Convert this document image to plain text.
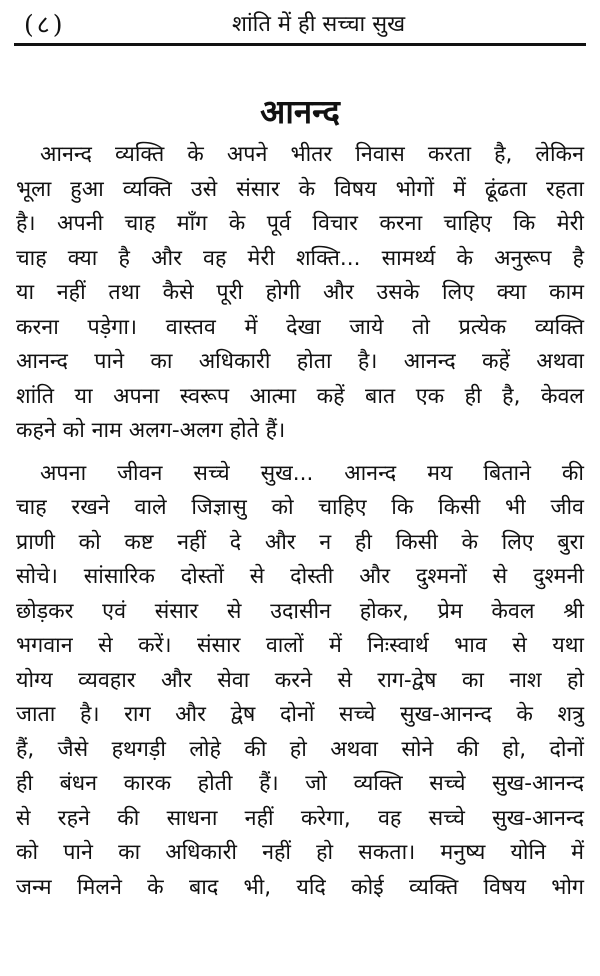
(८)	शांति में ही सच्चा सुख
आनन्द
आनन्द व्यक्ति के अपने भीतर निवास करता है, लेकिन
भूला हुआ व्यक्ति उसे संसार के विषय भोगों में ढूंढता रहता
है। अपनी चाह माँग के पूर्व विचार करना चाहिए कि मेरी
चाह क्या है और वह मेरी शक्ति... सामर्थ्य के अनुरूप है
या नहीं तथा कैसे पूरी होगी और उसके लिए क्या काम
करना पड़ेगा। वास्तव में देखा जाये तो प्रत्येक व्यक्ति
आनन्द पाने का अधिकारी होता है। आनन्द कहें अथवा
शांति या अपना स्वरूप आत्मा कहें बात एक ही है, केवल
कहने को नाम अलग-अलग होते हैं।
अपना जीवन सच्चे सुख... आनन्द मय बिताने की
चाह रखने वाले जिज्ञासु को चाहिए कि किसी भी जीव
प्राणी को कष्ट नहीं दे और न ही किसी के लिए बुरा
सोचे। सांसारिक दोस्तों से दोस्ती और दुश्मनों से दुश्मनी
छोड़कर एवं संसार से उदासीन होकर, प्रेम केवल श्री
भगवान से करें। संसार वालों में निःस्वार्थ भाव से यथा
योग्य व्यवहार और सेवा करने से राग-द्वेष का नाश हो
जाता है। राग और द्वेष दोनों सच्चे सुख-आनन्द के शत्रु
हैं, जैसे हथगड़ी लोहे की हो अथवा सोने की हो, दोनों
ही बंधन कारक होती हैं। जो व्यक्ति सच्चे सुख-आनन्द
से रहने की साधना नहीं करेगा, वह सच्चे सुख-आनन्द
को पाने का अधिकारी नहीं हो सकता। मनुष्य योनि में
जन्म मिलने के बाद भी, यदि कोई व्यक्ति विषय भोग
